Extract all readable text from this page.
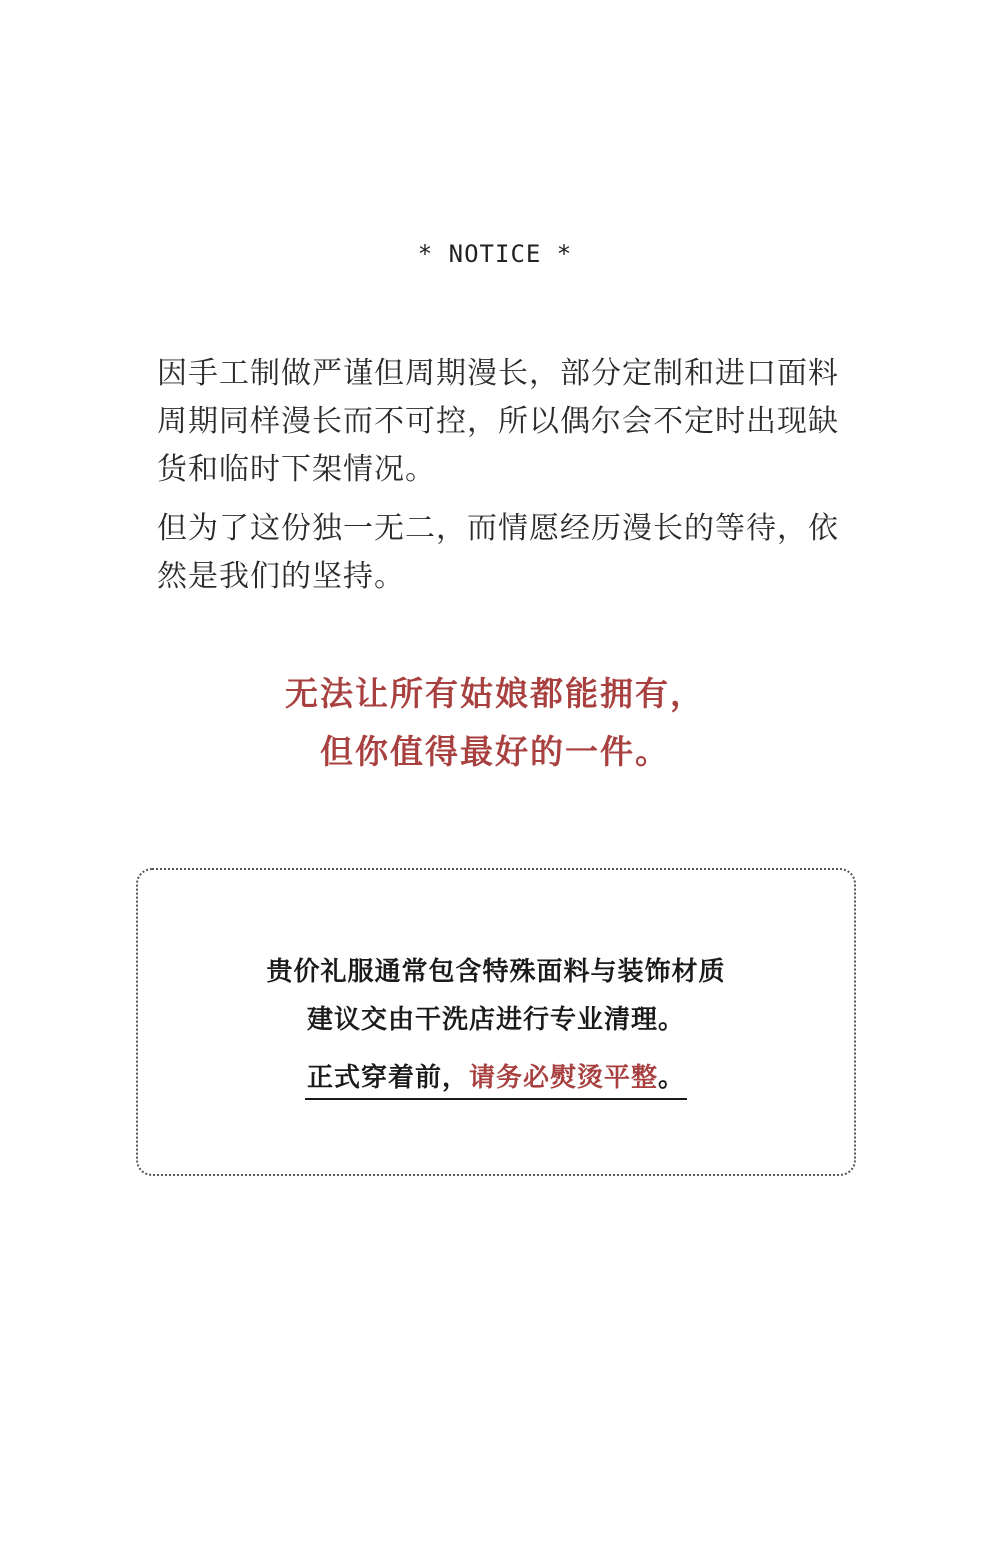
* NOTICE *

因手工制做严谨但周期漫长，部分定制和进口面料周期同样漫长而不可控，所以偶尔会不定时出现缺货和临时下架情况。

但为了这份独一无二，而情愿经历漫长的等待，依然是我们的坚持。

无法让所有姑娘都能拥有，
但你值得最好的一件。
贵价礼服通常包含特殊面料与装饰材质
建议交由干洗店进行专业清理。
正式穿着前，请务必熨烫平整。
